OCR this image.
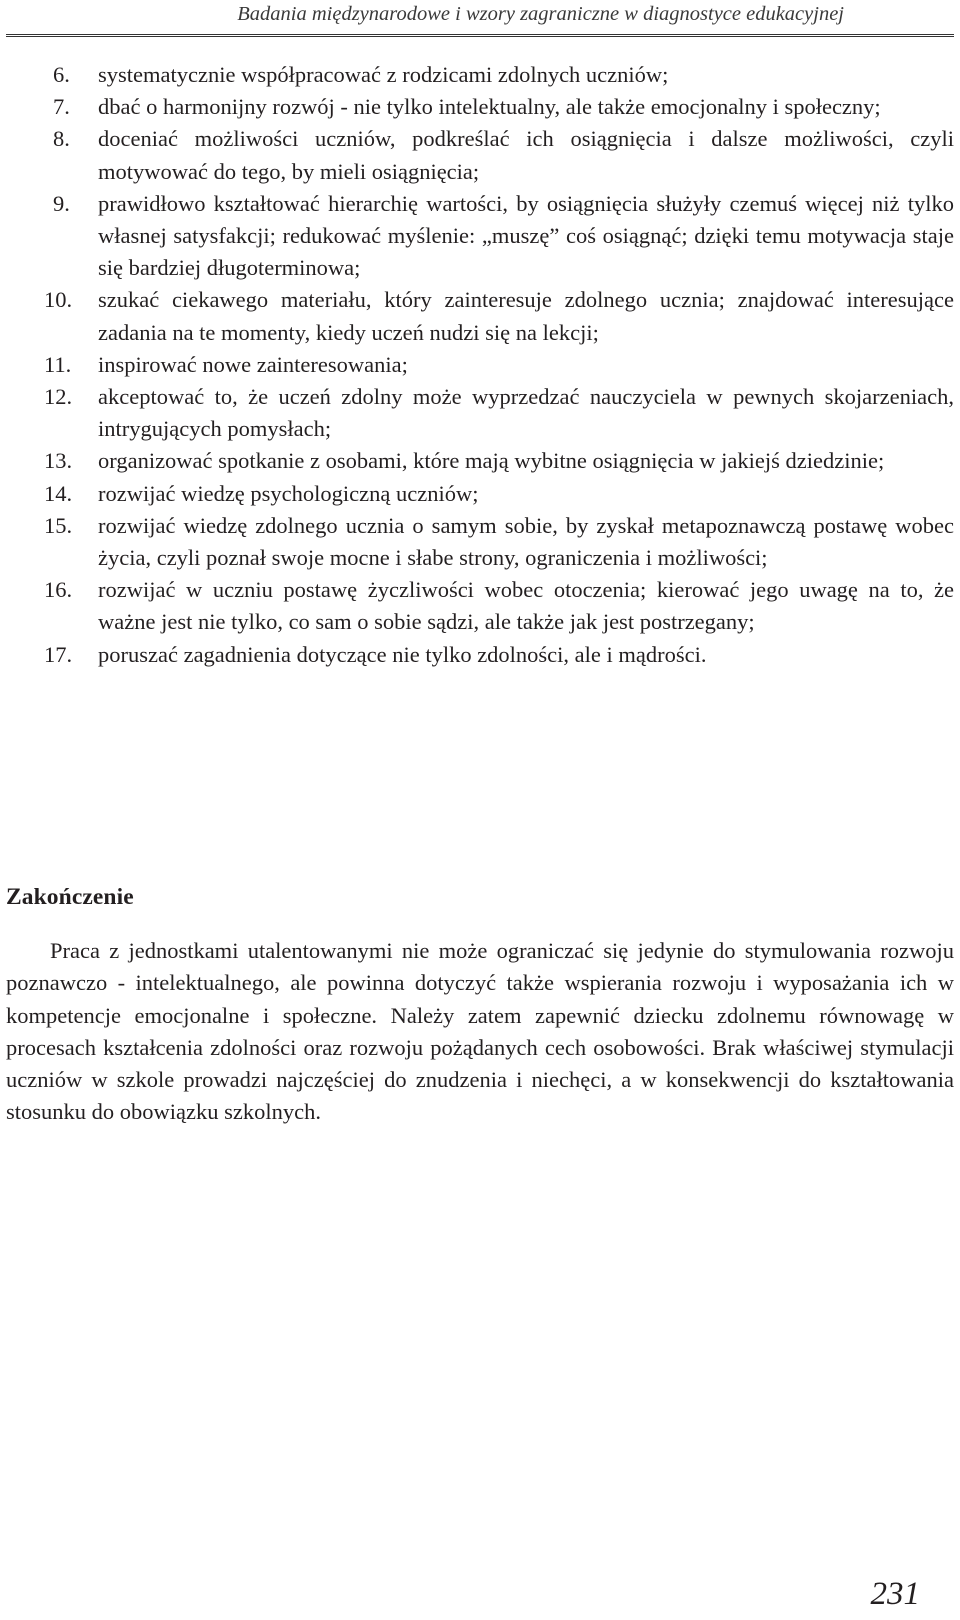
Badania międzynarodowe i wzory zagraniczne w diagnostyce edukacyjnej
6. systematycznie współpracować z rodzicami zdolnych uczniów;
7. dbać o harmonijny rozwój - nie tylko intelektualny, ale także emocjonalny i społeczny;
8. doceniać możliwości uczniów, podkreślać ich osiągnięcia i dalsze możliwości, czyli motywować do tego, by mieli osiągnięcia;
9. prawidłowo kształtować hierarchię wartości, by osiągnięcia służyły czemuś więcej niż tylko własnej satysfakcji; redukować myślenie: „muszę” coś osiągnąć; dzięki temu motywacja staje się bardziej długoterminowa;
10. szukać ciekawego materiału, który zainteresuje zdolnego ucznia; znajdować interesujące zadania na te momenty, kiedy uczeń nudzi się na lekcji;
11. inspirować nowe zainteresowania;
12. akceptować to, że uczeń zdolny może wyprzedzać nauczyciela w pewnych skojarzeniach, intrygujących pomysłach;
13. organizować spotkanie z osobami, które mają wybitne osiągnięcia w jakiejś dziedzinie;
14. rozwijać wiedzę psychologiczną uczniów;
15. rozwijać wiedzę zdolnego ucznia o samym sobie, by zyskał metapoznawczą postawę wobec życia, czyli poznał swoje mocne i słabe strony, ograniczenia i możliwości;
16. rozwijać w uczniu postawę życzliwości wobec otoczenia; kierować jego uwagę na to, że ważne jest nie tylko, co sam o sobie sądzi, ale także jak jest postrzegany;
17. poruszać zagadnienia dotyczące nie tylko zdolności, ale i mądrości.
Zakończenie

Praca z jednostkami utalentowanymi nie może ograniczać się jedynie do stymulowania rozwoju poznawczo - intelektualnego, ale powinna dotyczyć także wspierania rozwoju i wyposażania ich w kompetencje emocjonalne i społeczne. Należy zatem zapewnić dziecku zdolnemu równowagę w procesach kształcenia zdolności oraz rozwoju pożądanych cech osobowości. Brak właściwej stymulacji uczniów w szkole prowadzi najczęściej do znudzenia i niechęci, a w konsekwencji do kształtowania stosunku do obowiązku szkolnych.

231
